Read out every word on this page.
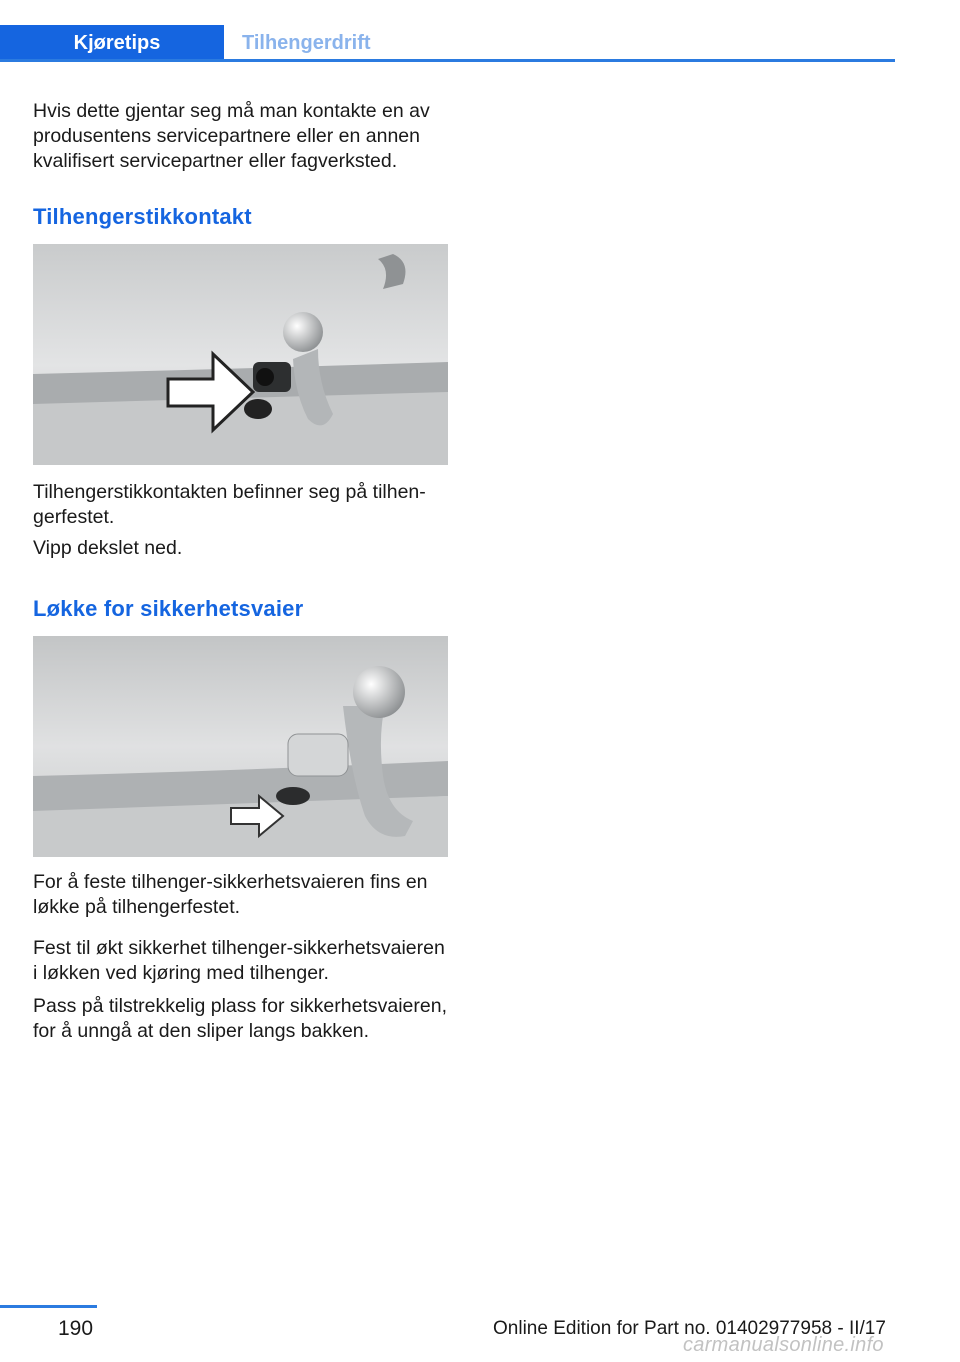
Kjøretips	Tilhengerdrift

Hvis dette gjentar seg må man kontakte en av produsentens servicepartnere eller en annen kvalifisert servicepartner eller fagverksted.

Tilhengerstikkontakt

Tilhengerstikkontakten befinner seg på tilhengerfestet.

Vipp dekslet ned.

Løkke for sikkerhetsvaier

For å feste tilhenger-sikkerhetsvaieren fins en løkke på tilhengerfestet.

Fest til økt sikkerhet tilhenger-sikkerhetsvaieren i løkken ved kjøring med tilhenger.

Pass på tilstrekkelig plass for sikkerhetsvaieren, for å unngå at den sliper langs bakken.

190	Online Edition for Part no. 01402977958 - II/17
carmanualsonline.info
